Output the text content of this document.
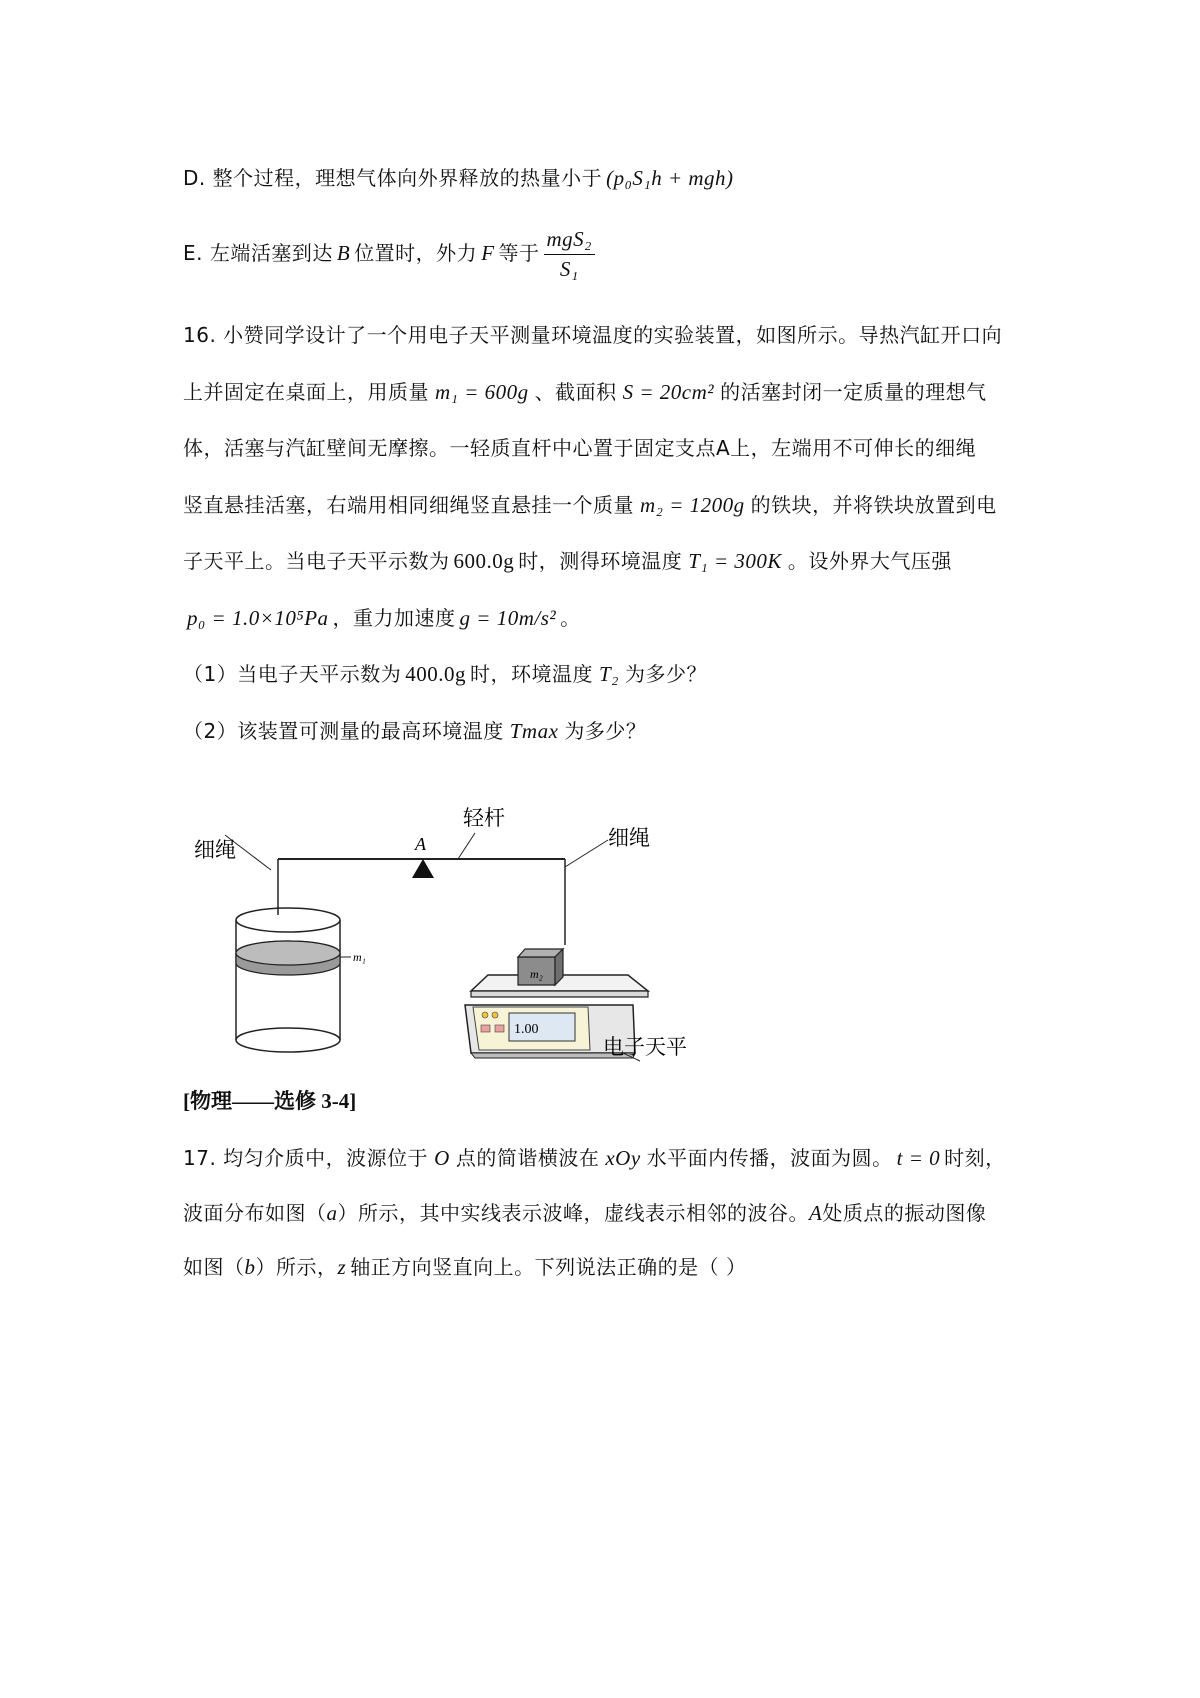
D. 整个过程，理想气体向外界释放的热量小于 (p₀S₁h + mgh)
E. 左端活塞到达 B 位置时，外力 F 等于 $\frac{\text{mgS₂}}{\text{S₁}}$
16. 小赞同学设计了一个用电子天平测量环境温度的实验装置，如图所示。导热汽缸开口向
上并固定在桌面上，用质量 m₁ = 600g 、截面积 S = 20cm² 的活塞封闭一定质量的理想气
体，活塞与汽缸壁间无摩擦。一轻质直杆中心置于固定支点A上，左端用不可伸长的细绳
竖直悬挂活塞，右端用相同细绳竖直悬挂一个质量 m₂ = 1200g 的铁块，并将铁块放置到电
子天平上。当电子天平示数为 600.0g 时，测得环境温度 T₁ = 300K 。设外界大气压强
p₀ = 1.0×10⁵Pa ，重力加速度 g = 10m/s² 。
（1）当电子天平示数为 400.0g 时，环境温度 T₂ 为多少？
（2）该装置可测量的最高环境温度 Tmax 为多少？
轻杆
A
细绳	细绳
m₁
1.00
m₂
电子天平
[物理——选修 3-4]
17. 均匀介质中，波源位于 O 点的简谐横波在 xOy 水平面内传播，波面为圆。 t = 0 时刻，
波面分布如图（a）所示，其中实线表示波峰，虚线表示相邻的波谷。A处质点的振动图像
如图（b）所示，z 轴正方向竖直向上。下列说法正确的是（ ）
